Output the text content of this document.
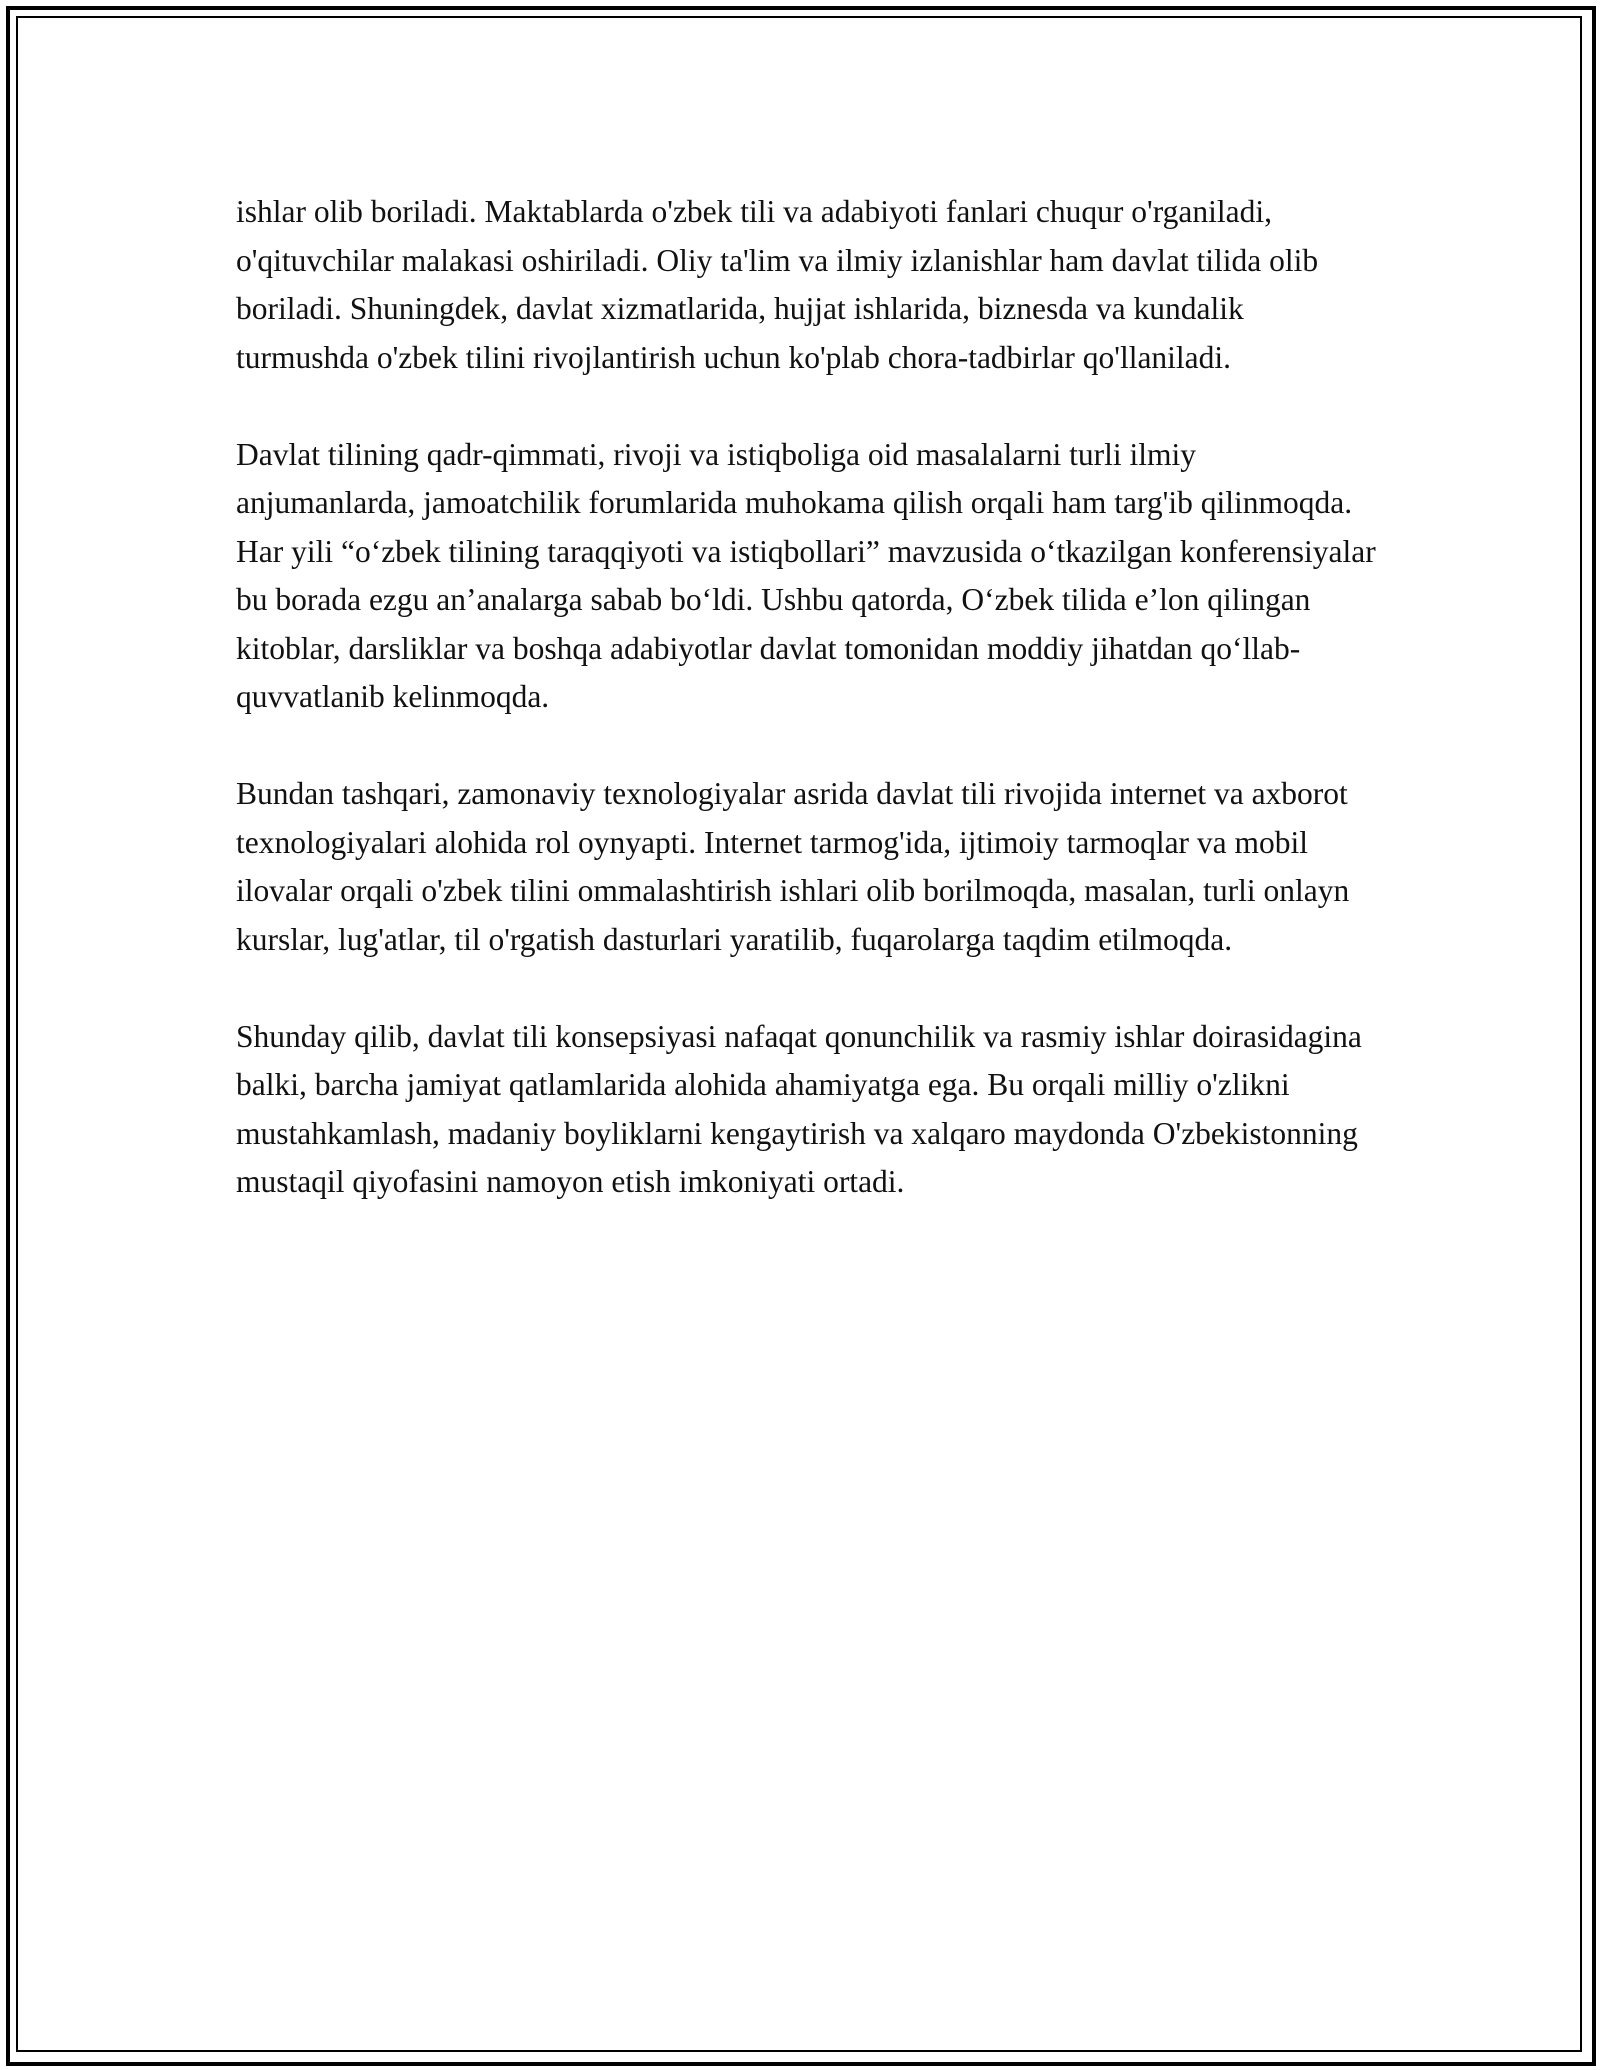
ishlar olib boriladi. Maktablarda o'zbek tili va adabiyoti fanlari chuqur o'rganiladi, o'qituvchilar malakasi oshiriladi. Oliy ta'lim va ilmiy izlanishlar ham davlat tilida olib boriladi. Shuningdek, davlat xizmatlarida, hujjat ishlarida, biznesda va kundalik turmushda o'zbek tilini rivojlantirish uchun ko'plab chora-tadbirlar qo'llaniladi.

Davlat tilining qadr-qimmati, rivoji va istiqboliga oid masalalarni turli ilmiy anjumanlarda, jamoatchilik forumlarida muhokama qilish orqali ham targ'ib qilinmoqda. Har yili “o‘zbek tilining taraqqiyoti va istiqbollari” mavzusida o‘tkazilgan konferensiyalar bu borada ezgu an’analarga sabab bo‘ldi. Ushbu qatorda, O‘zbek tilida e’lon qilingan kitoblar, darsliklar va boshqa adabiyotlar davlat tomonidan moddiy jihatdan qo‘llab-quvvatlanib kelinmoqda.

Bundan tashqari, zamonaviy texnologiyalar asrida davlat tili rivojida internet va axborot texnologiyalari alohida rol oynyapti. Internet tarmog'ida, ijtimoiy tarmoqlar va mobil ilovalar orqali o'zbek tilini ommalashtirish ishlari olib borilmoqda, masalan, turli onlayn kurslar, lug'atlar, til o'rgatish dasturlari yaratilib, fuqarolarga taqdim etilmoqda.

Shunday qilib, davlat tili konsepsiyasi nafaqat qonunchilik va rasmiy ishlar doirasidagina balki, barcha jamiyat qatlamlarida alohida ahamiyatga ega. Bu orqali milliy o'zlikni mustahkamlash, madaniy boyliklarni kengaytirish va xalqaro maydonda O'zbekistonning mustaqil qiyofasini namoyon etish imkoniyati ortadi.
